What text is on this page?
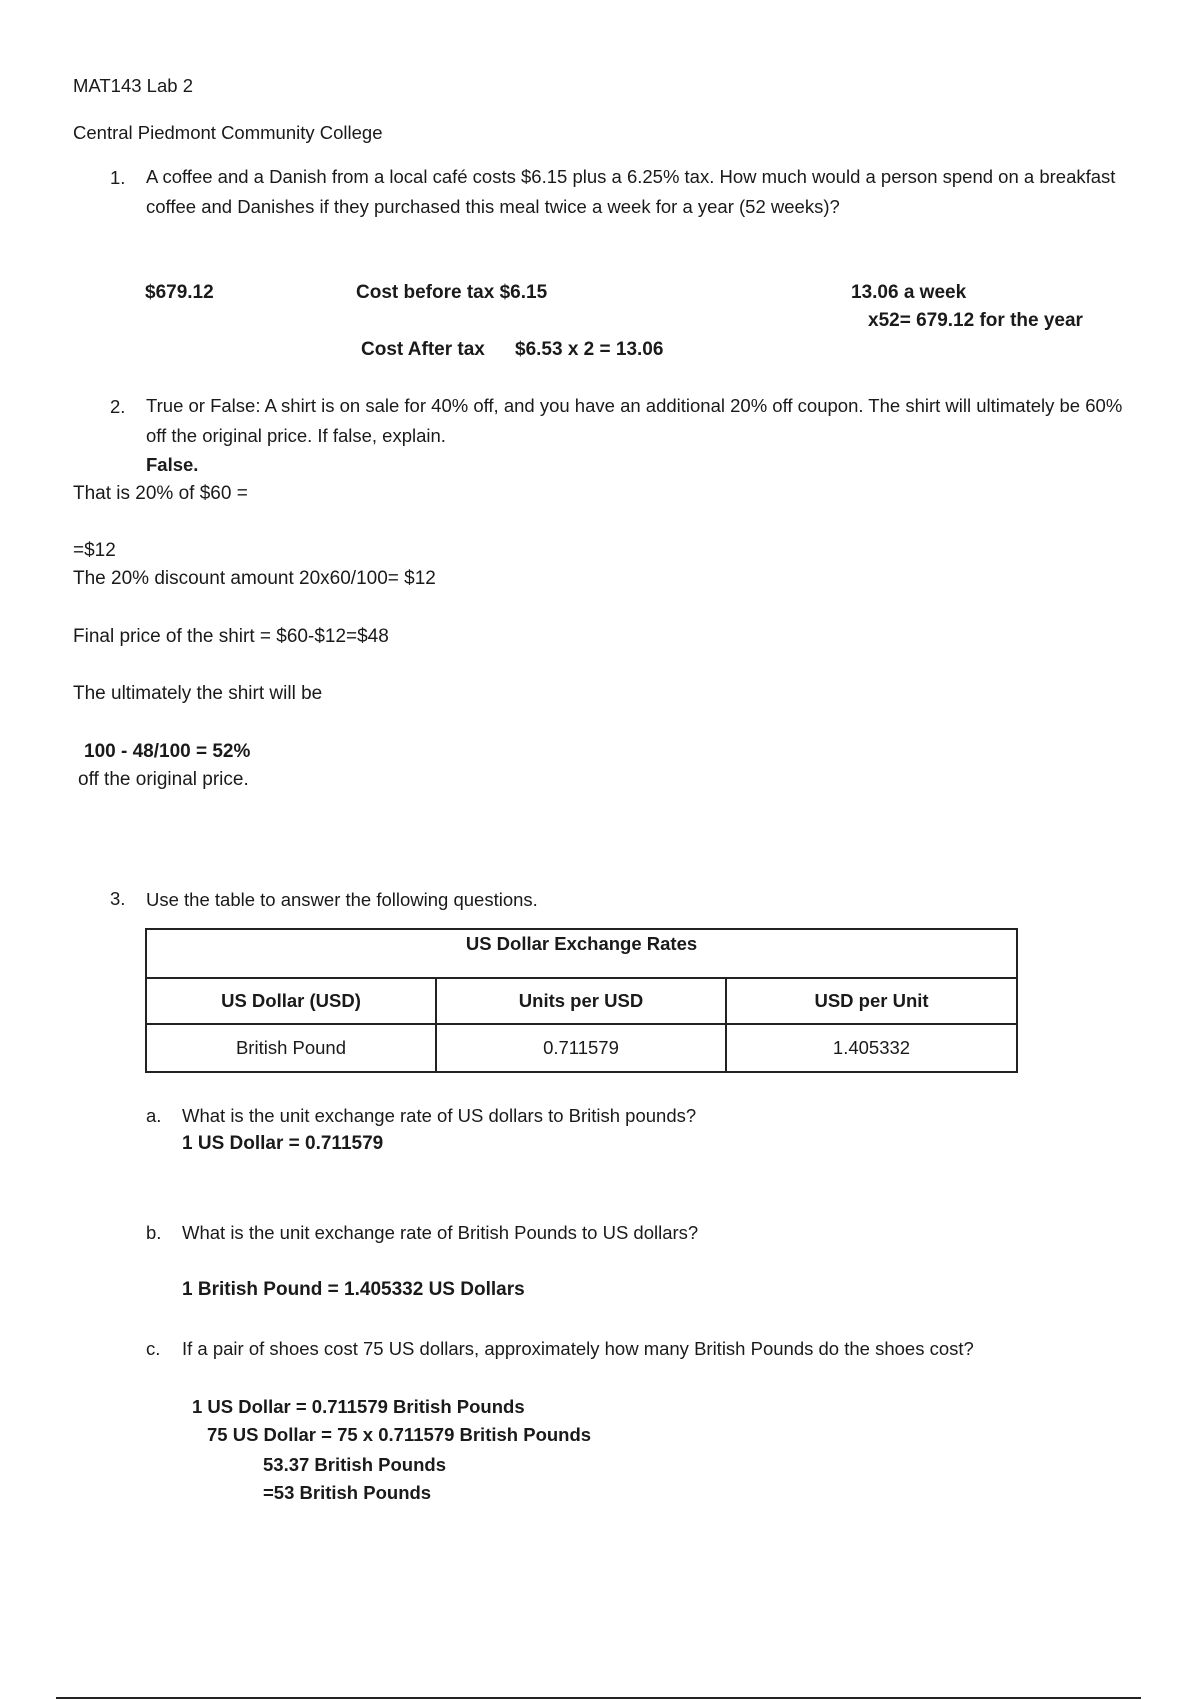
MAT143 Lab 2
Central Piedmont Community College
1. A coffee and a Danish from a local café costs $6.15 plus a 6.25% tax. How much would a person spend on a breakfast coffee and Danishes if they purchased this meal twice a week for a year (52 weeks)?
$679.12	Cost before tax $6.15	13.06 a week
x52= 679.12 for the year
Cost After tax $6.53 x 2 = 13.06
2. True or False: A shirt is on sale for 40% off, and you have an additional 20% off coupon. The shirt will ultimately be 60% off the original price. If false, explain.
False.
That is 20% of $60 =
=$12
The 20% discount amount 20x60/100= $12
Final price of the shirt = $60-$12=$48
The ultimately the shirt will be
100 - 48/100 = 52%
off the original price.
3. Use the table to answer the following questions.
US Dollar Exchange Rates		
US Dollar (USD)	Units per USD	USD per Unit
British Pound	0.711579	1.405332
a. What is the unit exchange rate of US dollars to British pounds?
1 US Dollar = 0.711579
b. What is the unit exchange rate of British Pounds to US dollars?
1 British Pound = 1.405332 US Dollars
c. If a pair of shoes cost 75 US dollars, approximately how many British Pounds do the shoes cost?
1 US Dollar = 0.711579 British Pounds
75 US Dollar = 75 x 0.711579 British Pounds
53.37 British Pounds
=53 British Pounds
